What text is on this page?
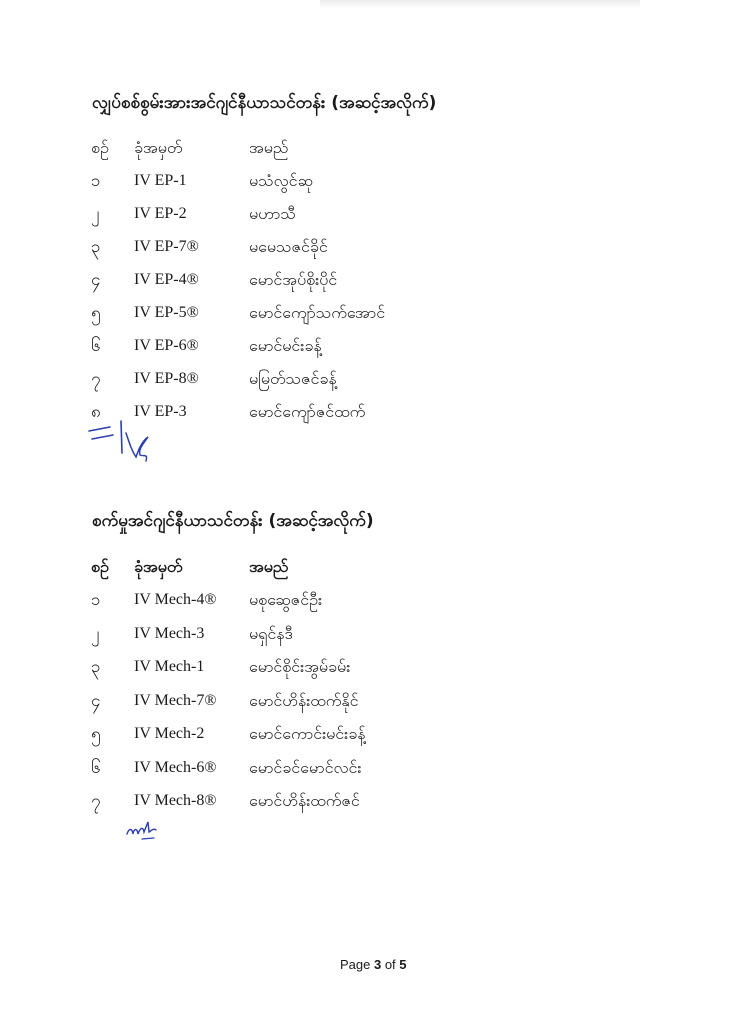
လျှပ်စစ်စွမ်းအားအင်ဂျင်နီယာသင်တန်း (အဆင့်အလိုက်)
စဉ် ခုံအမှတ်	အမည်
၁ IV EP-1	မသံလွင်ဆု
၂ IV EP-2	မဟာသီ
၃ IV EP-7®	မမေသဇင်ခိုင်
၄ IV EP-4®	မောင်အုပ်စိုးပိုင်
၅ IV EP-5®	မောင်ကျော်သက်အောင်
၆ IV EP-6®	မောင်မင်းခန့်
၇ IV EP-8®	မမြတ်သဇင်ခန့်
၈ IV EP-3	မောင်ကျော်ဇင်ထက်
စက်မှုအင်ဂျင်နီယာသင်တန်း (အဆင့်အလိုက်)
စဉ် ခုံအမှတ်	အမည်
၁ IV Mech-4® မစုဆွေဇင်ဦး
၂ IV Mech-3	မရှင်နဒီ
၃ IV Mech-1	မောင်စိုင်းအွမ်ခမ်း
၄ IV Mech-7® မောင်ဟိန်းထက်နိုင်
၅ IV Mech-2	မောင်ကောင်းမင်းခန့်
၆ IV Mech-6® မောင်ခင်မောင်လင်း
၇ IV Mech-8® မောင်ဟိန်းထက်ဇင်
Page 3 of 5
